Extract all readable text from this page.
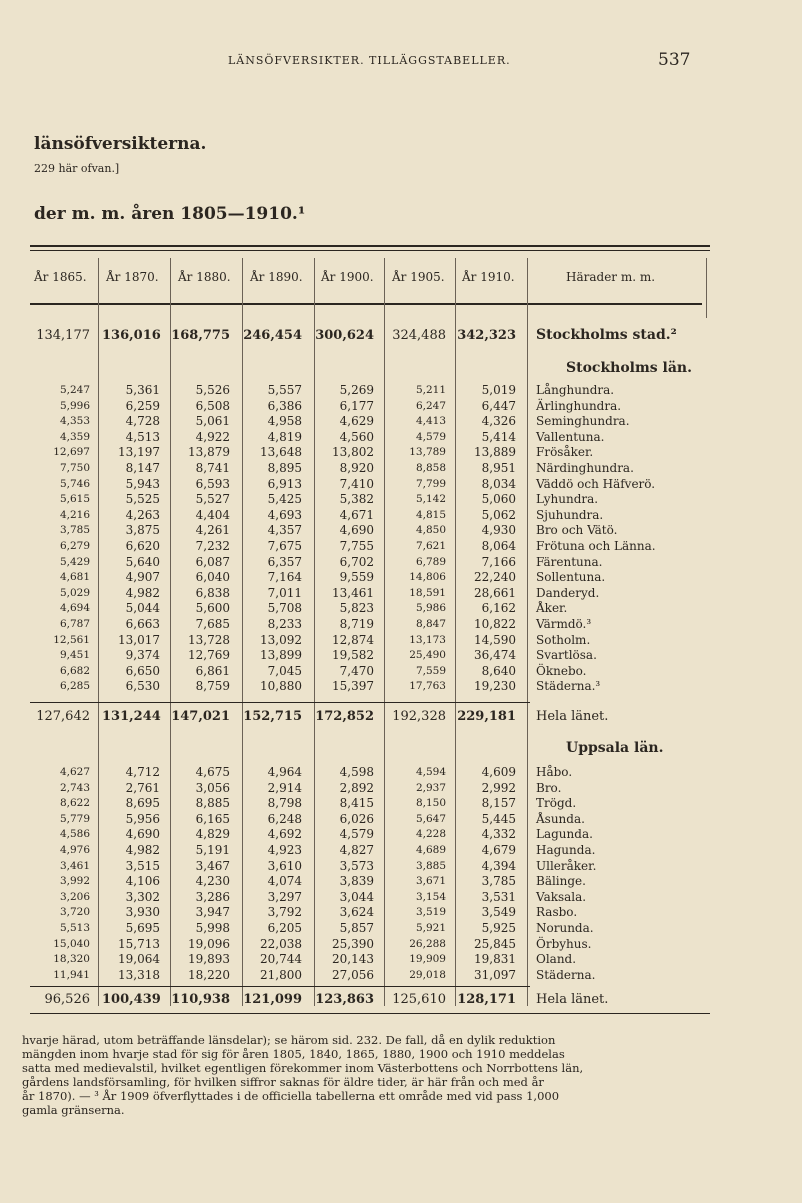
LÄNSÖFVERSIKTER. TILLÄGGSTABELLER.	537
länsöfversikterna.
229 här ofvan.]
der m. m. åren 1805—1910.¹
År 1865. År 1870. År 1880. År 1890. År 1900. År 1905. År 1910.	Härader m. m.
134,177 136,016 168,775 246,454 300,624	324,488 342,323 Stockholms stad.²
Stockholms län.
5,247	5,361	5,526	5,557	5,269	5,211	5,019 Långhundra.
5,996	6,259	6,508	6,386	6,177	6,247	6,447 Ärlinghundra.
4,353	4,728	5,061	4,958	4,629	4,413	4,326 Seminghundra.
4,359	4,513	4,922	4,819	4,560	4,579	5,414 Vallentuna.
12,697	13,197	13,879	13,648	13,802	13,789	13,889 Frösåker.
7,750	8,147	8,741	8,895	8,920	8,858	8,951 Närdinghundra.
5,746	5,943	6,593	6,913	7,410	7,799	8,034 Väddö och Häfverö.
5,615	5,525	5,527	5,425	5,382	5,142	5,060 Lyhundra.
4,216	4,263	4,404	4,693	4,671	4,815	5,062 Sjuhundra.
3,785	3,875	4,261	4,357	4,690	4,850	4,930 Bro och Vätö.
6,279	6,620	7,232	7,675	7,755	7,621	8,064 Frötuna och Länna.
5,429	5,640	6,087	6,357	6,702	6,789	7,166 Färentuna.
4,681	4,907	6,040	7,164	9,559	14,806	22,240 Sollentuna.
5,029	4,982	6,838	7,011	13,461	18,591	28,661 Danderyd.
4,694	5,044	5,600	5,708	5,823	5,986	6,162 Åker.
6,787	6,663	7,685	8,233	8,719	8,847	10,822 Värmdö.³
12,561	13,017	13,728	13,092	12,874	13,173	14,590 Sotholm.
9,451	9,374	12,769	13,899	19,582	25,490	36,474 Svartlösa.
6,682	6,650	6,861	7,045	7,470	7,559	8,640 Öknebo.
6,285	6,530	8,759	10,880	15,397	17,763	19,230 Städerna.³
127,642 131,244 147,021 152,715 172,852	192,328 229,181 Hela länet.
Uppsala län.
4,627	4,712	4,675	4,964	4,598	4,594	4,609 Håbo.
2,743	2,761	3,056	2,914	2,892	2,937	2,992 Bro.
8,622	8,695	8,885	8,798	8,415	8,150	8,157 Trögd.
5,779	5,956	6,165	6,248	6,026	5,647	5,445 Åsunda.
4,586	4,690	4,829	4,692	4,579	4,228	4,332 Lagunda.
4,976	4,982	5,191	4,923	4,827	4,689	4,679 Hagunda.
3,461	3,515	3,467	3,610	3,573	3,885	4,394 Ulleråker.
3,992	4,106	4,230	4,074	3,839	3,671	3,785 Bälinge.
3,206	3,302	3,286	3,297	3,044	3,154	3,531 Vaksala.
3,720	3,930	3,947	3,792	3,624	3,519	3,549 Rasbo.
5,513	5,695	5,998	6,205	5,857	5,921	5,925 Norunda.
15,040	15,713	19,096	22,038	25,390	26,288	25,845 Örbyhus.
18,320	19,064	19,893	20,744	20,143	19,909	19,831 Oland.
11,941	13,318	18,220	21,800	27,056	29,018	31,097 Städerna.
96,526 100,439 110,938 121,099 123,863	125,610 128,171 Hela länet.

hvarje härad, utom beträffande länsdelar); se härom sid. 232. De fall, då en dylik reduktion

mängden inom hvarje stad för sig för åren 1805, 1840, 1865, 1880, 1900 och 1910 meddelas

satta med medievalstil, hvilket egentligen förekommer inom Västerbottens och Norrbottens län,

gårdens landsförsamling, för hvilken siffror saknas för äldre tider, är här från och med år

år 1870). — ³ År 1909 öfverflyttades i de officiella tabellerna ett område med vid pass 1,000

gamla gränserna.
